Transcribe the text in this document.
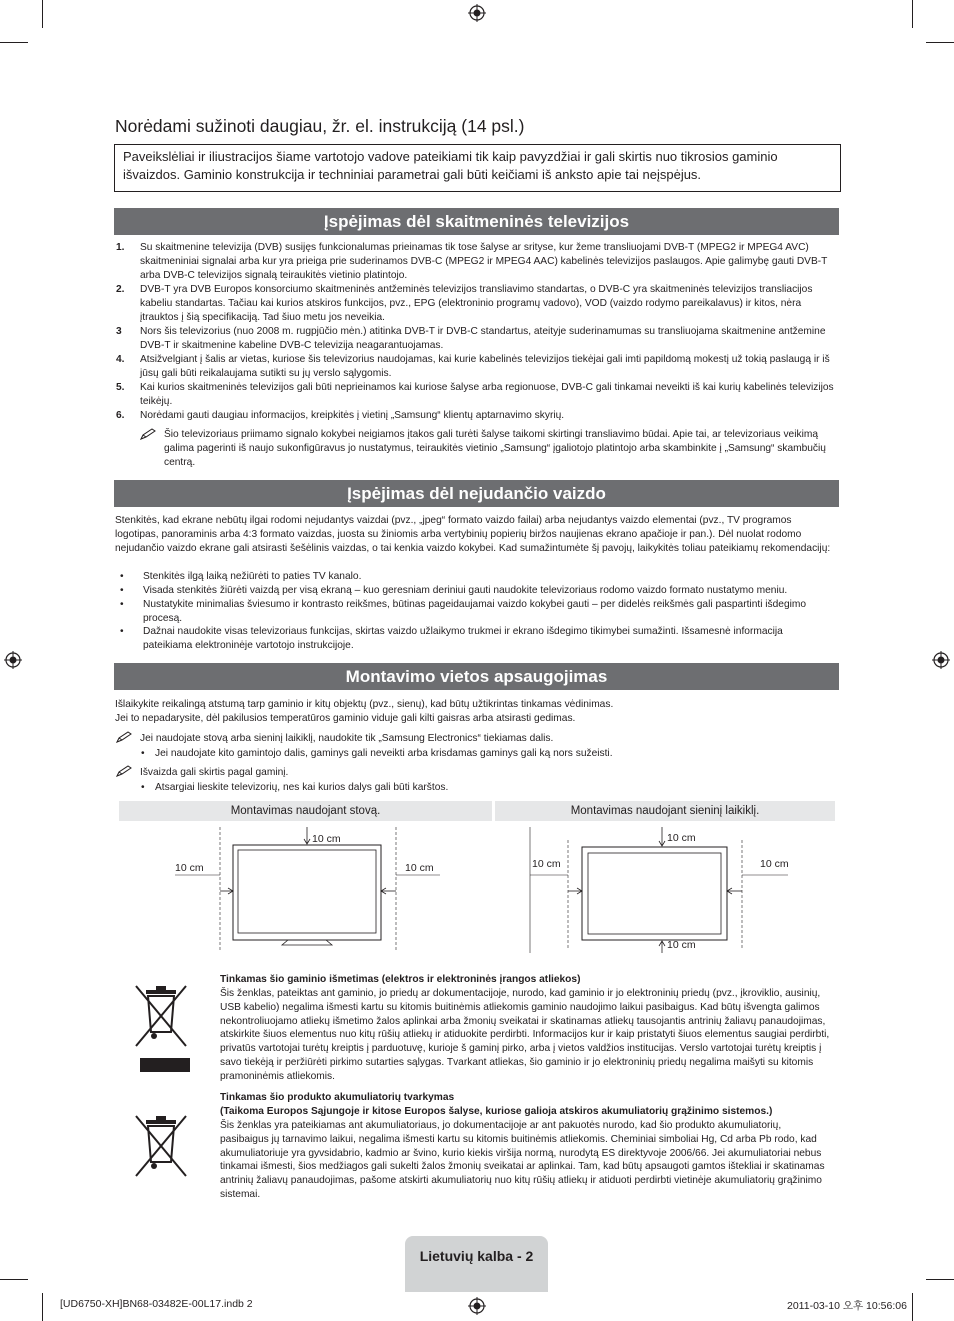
Norėdami sužinoti daugiau, žr. el. instrukciją (14 psl.)
Paveikslėliai ir iliustracijos šiame vartotojo vadove pateikiami tik kaip pavyzdžiai ir gali skirtis nuo tikrosios gaminio išvaizdos. Gaminio konstrukcija ir techniniai parametrai gali būti keičiami iš anksto apie tai neįspėjus.
Įspėjimas dėl skaitmeninės televizijos
1. Su skaitmenine televizija (DVB) susijęs funkcionalumas prieinamas tik tose šalyse ar srityse, kur žeme transliuojami DVB-T (MPEG2 ir MPEG4 AVC) skaitmeniniai signalai arba kur yra prieiga prie suderinamos DVB-C (MPEG2 ir MPEG4 AAC) kabelinės televizijos paslaugos. Apie galimybę gauti DVB-T arba DVB-C televizijos signalą teiraukitės vietinio platintojo.
2. DVB-T yra DVB Europos konsorciumo skaitmeninės antžeminės televizijos transliavimo standartas, o DVB-C yra skaitmeninės televizijos transliacijos kabeliu standartas. Tačiau kai kurios atskiros funkcijos, pvz., EPG (elektroninio programų vadovo), VOD (vaizdo rodymo pareikalavus) ir kitos, nėra įtrauktos į šią specifikaciją. Tad šiuo metu jos neveikia.
3 Nors šis televizorius (nuo 2008 m. rugpjūčio mėn.) atitinka DVB-T ir DVB-C standartus, ateityje suderinamumas su transliuojama skaitmenine antžemine DVB-T ir skaitmenine kabeline DVB-C televizija neagarantuojamas.
4. Atsižvelgiant į šalis ar vietas, kuriose šis televizorius naudojamas, kai kurie kabelinės televizijos tiekėjai gali imti papildomą mokestį už tokią paslaugą ir iš jūsų gali būti reikalaujama sutikti su jų verslo sąlygomis.
5. Kai kurios skaitmeninės televizijos gali būti neprieinamos kai kuriose šalyse arba regionuose, DVB-C gali tinkamai neveikti iš kai kurių kabelinės televizijos teikėjų.
6. Norėdami gauti daugiau informacijos, kreipkitės į vietinį „Samsung“ klientų aptarnavimo skyrių.
Šio televizoriaus priimamo signalo kokybei neigiamos įtakos gali turėti šalyse taikomi skirtingi transliavimo būdai. Apie tai, ar televizoriaus veikimą galima pagerinti iš naujo sukonfigūravus jo nustatymus, teiraukitės vietinio „Samsung“ įgaliotojo platintojo arba skambinkite į „Samsung“ skambučių centrą.
Įspėjimas dėl nejudančio vaizdo
Stenkitės, kad ekrane nebūtų ilgai rodomi nejudantys vaizdai (pvz., „jpeg“ formato vaizdo failai) arba nejudantys vaizdo elementai (pvz., TV programos logotipas, panoraminis arba 4:3 formato vaizdas, juosta su žiniomis arba vertybinių popierių biržos naujienas ekrano apačioje ir pan.). Dėl nuolat rodomo nejudančio vaizdo ekrane gali atsirasti šešėlinis vaizdas, o tai kenkia vaizdo kokybei. Kad sumažintumėte šį pavojų, laikykitės toliau pateikiamų rekomendacijų:
• Stenkitės ilgą laiką nežiūrėti to paties TV kanalo.
• Visada stenkitės žiūrėti vaizdą per visą ekraną – kuo geresniam deriniui gauti naudokite televizoriaus rodomo vaizdo formato nustatymo meniu.
• Nustatykite minimalias šviesumo ir kontrasto reikšmes, būtinas pageidaujamai vaizdo kokybei gauti – per didelės reikšmės gali paspartinti išdegimo procesą.
• Dažnai naudokite visas televizoriaus funkcijas, skirtas vaizdo užlaikymo trukmei ir ekrano išdegimo tikimybei sumažinti. Išsamesnė informacija pateikiama elektroninėje vartotojo instrukcijoje.
Montavimo vietos apsaugojimas
Išlaikykite reikalingą atstumą tarp gaminio ir kitų objektų (pvz., sienų), kad būtų užtikrintas tinkamas vėdinimas.
Jei to nepadarysite, dėl pakilusios temperatūros gaminio viduje gali kilti gaisras arba atsirasti gedimas.
Jei naudojate stovą arba sieninį laikiklį, naudokite tik „Samsung Electronics“ tiekiamas dalis.
• Jei naudojate kito gamintojo dalis, gaminys gali neveikti arba krisdamas gaminys gali ką nors sužeisti.
Išvaizda gali skirtis pagal gaminį.
• Atsargiai lieskite televizorių, nes kai kurios dalys gali būti karštos.
Montavimas naudojant stovą.	Montavimas naudojant sieninį laikiklį.
10 cm
10 cm	10 cm
10 cm
10 cm	10 cm
10 cm
Tinkamas šio gaminio išmetimas (elektros ir elektroninės įrangos atliekos)
Šis ženklas, pateiktas ant gaminio, jo priedų ar dokumentacijoje, nurodo, kad gaminio ir jo elektroninių priedų (pvz., įkroviklio, ausinių, USB kabelio) negalima išmesti kartu su kitomis buitinėmis atliekomis gaminio naudojimo laikui pasibaigus. Kad būtų išvengta galimos nekontroliuojamo atliekų išmetimo žalos aplinkai arba žmonių sveikatai ir skatinamas atliekų tausojantis antrinių žaliavų panaudojimas, atskirkite šiuos elementus nuo kitų rūšių atliekų ir atiduokite perdirbti. Informacijos kur ir kaip pristatyti šiuos elementus saugiai perdirbti, privatūs vartotojai turėtų kreiptis į parduotuvę, kurioje š gaminį pirko, arba į vietos valdžios institucijas. Verslo vartotojai turėtų kreiptis į savo tiekėją ir peržiūrėti pirkimo sutarties sąlygas. Tvarkant atliekas, šio gaminio ir jo elektroninių priedų negalima maišyti su kitomis pramoninėmis atliekomis.
Tinkamas šio produkto akumuliatorių tvarkymas
(Taikoma Europos Sąjungoje ir kitose Europos šalyse, kuriose galioja atskiros akumuliatorių grąžinimo sistemos.)
Šis ženklas yra pateikiamas ant akumuliatoriaus, jo dokumentacijoje ar ant pakuotės nurodo, kad šio produkto akumuliatorių, pasibaigus jų tarnavimo laikui, negalima išmesti kartu su kitomis buitinėmis atliekomis. Cheminiai simboliai Hg, Cd arba Pb rodo, kad akumuliatoriuje yra gyvsidabrio, kadmio ar švino, kurio kiekis viršija normą, nurodytą ES direktyvoje 2006/66. Jei akumuliatoriai nebus tinkamai išmesti, šios medžiagos gali sukelti žalos žmonių sveikatai ar aplinkai. Tam, kad būtų apsaugoti gamtos ištekliai ir skatinamas antrinių žaliavų panaudojimas, pašome atskirti akumuliatorių nuo kitų rūšių atliekų ir atiduoti perdirbti vietinėje akumuliatorių grąžinimo sistemai.
Lietuvių kalba - 2
[UD6750-XH]BN68-03482E-00L17.indb 2	2011-03-10 오후 10:56:06
